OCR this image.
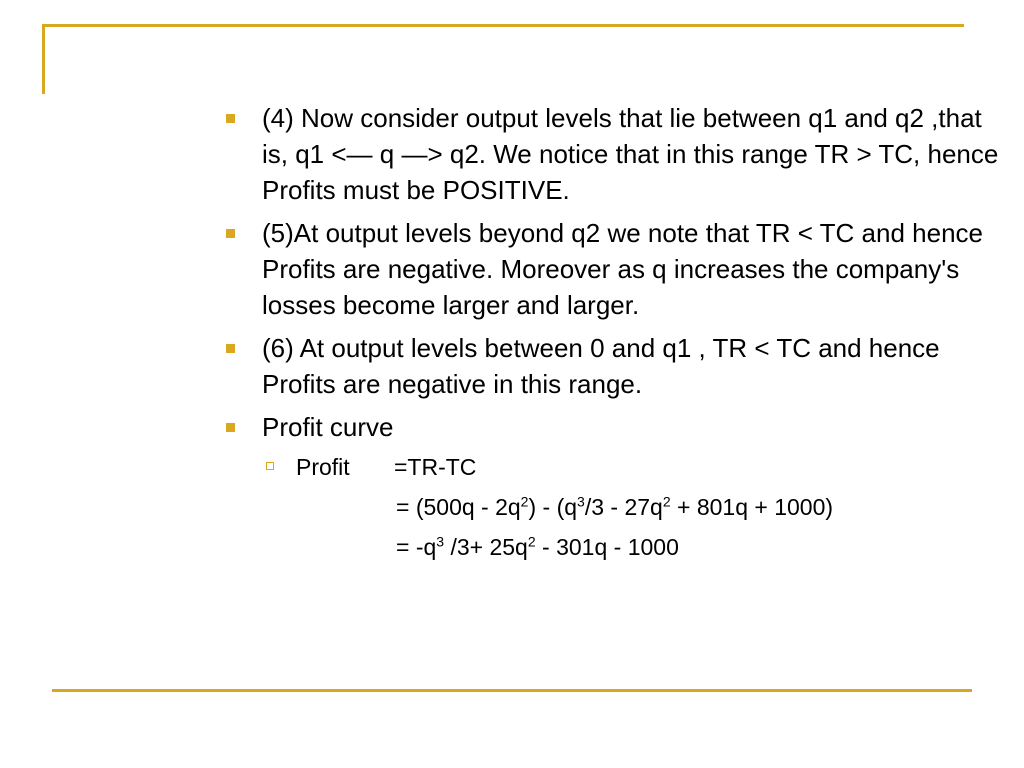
(4) Now consider output levels that lie between q1 and q2 ,that is, q1 <— q —> q2. We notice that in this range TR > TC, hence Profits must be POSITIVE.
(5)At output levels beyond q2 we note that TR < TC and hence Profits are negative. Moreover as q increases the company's losses become larger and larger.
(6) At output levels between 0 and q1 , TR < TC and hence Profits are negative in this range.
Profit curve
Profit =TR-TC
= $(500q - 2q^2) - (q^3/3 - 27q^2 + 801q + 1000)$
= $-q^3$ $/3+ 25q^2 - 301q - 1000$
